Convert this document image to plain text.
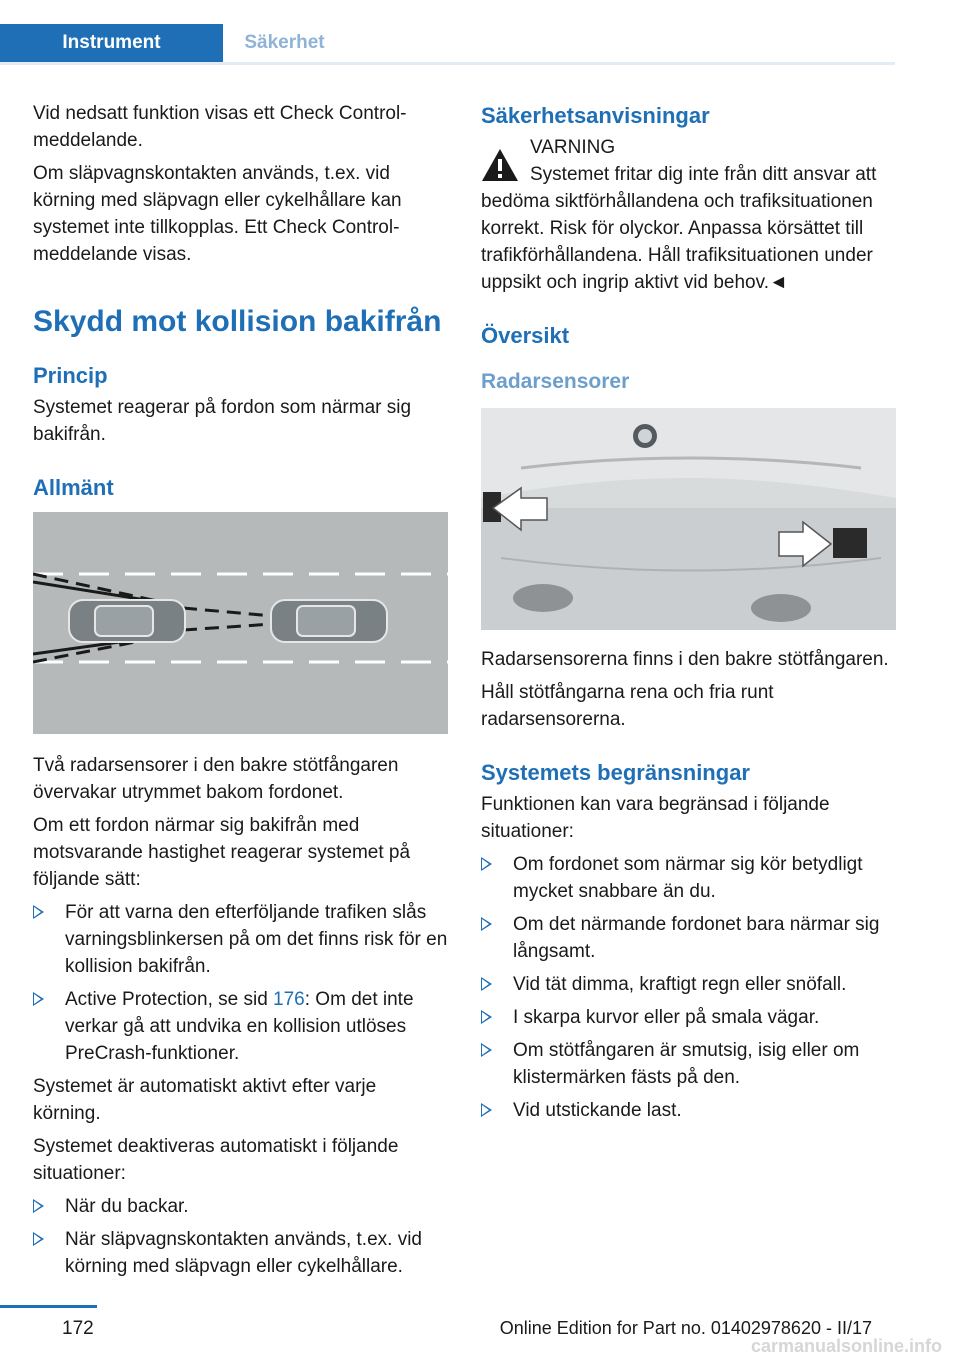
Instrument	Säkerhet

Vid nedsatt funktion visas ett Check Control-meddelande.

Om släpvagnskontakten används, t.ex. vid körning med släpvagn eller cykelhållare kan systemet inte tillkopplas. Ett Check Control-meddelande visas.

Skydd mot kollision bakifrån
Princip

Systemet reagerar på fordon som närmar sig bakifrån.

Allmänt

Två radarsensorer i den bakre stötfångaren övervakar utrymmet bakom fordonet.

Om ett fordon närmar sig bakifrån med motsvarande hastighet reagerar systemet på följande sätt:

För att varna den efterföljande trafiken slås varningsblinkersen på om det finns risk för en kollision bakifrån.
Active Protection, se sid 176: Om det inte verkar gå att undvika en kollision utlöses PreCrash-funktioner.

Systemet är automatiskt aktivt efter varje körning.

Systemet deaktiveras automatiskt i följande situationer:

När du backar.
När släpvagnskontakten används, t.ex. vid körning med släpvagn eller cykelhållare.
Säkerhetsanvisningar

VARNING

Systemet fritar dig inte från ditt ansvar att bedöma siktförhållandena och trafiksituationen korrekt. Risk för olyckor. Anpassa körsättet till trafikförhållandena. Håll trafiksituationen under uppsikt och ingrip aktivt vid behov.◄

Översikt
Radarsensorer

Radarsensorerna finns i den bakre stötfångaren.

Håll stötfångarna rena och fria runt radarsensorerna.

Systemets begränsningar

Funktionen kan vara begränsad i följande situationer:

Om fordonet som närmar sig kör betydligt mycket snabbare än du.
Om det närmande fordonet bara närmar sig långsamt.
Vid tät dimma, kraftigt regn eller snöfall.
I skarpa kurvor eller på smala vägar.
Om stötfångaren är smutsig, isig eller om klistermärken fästs på den.
Vid utstickande last.
172	Online Edition for Part no. 01402978620 - II/17
carmanualsonline.info
